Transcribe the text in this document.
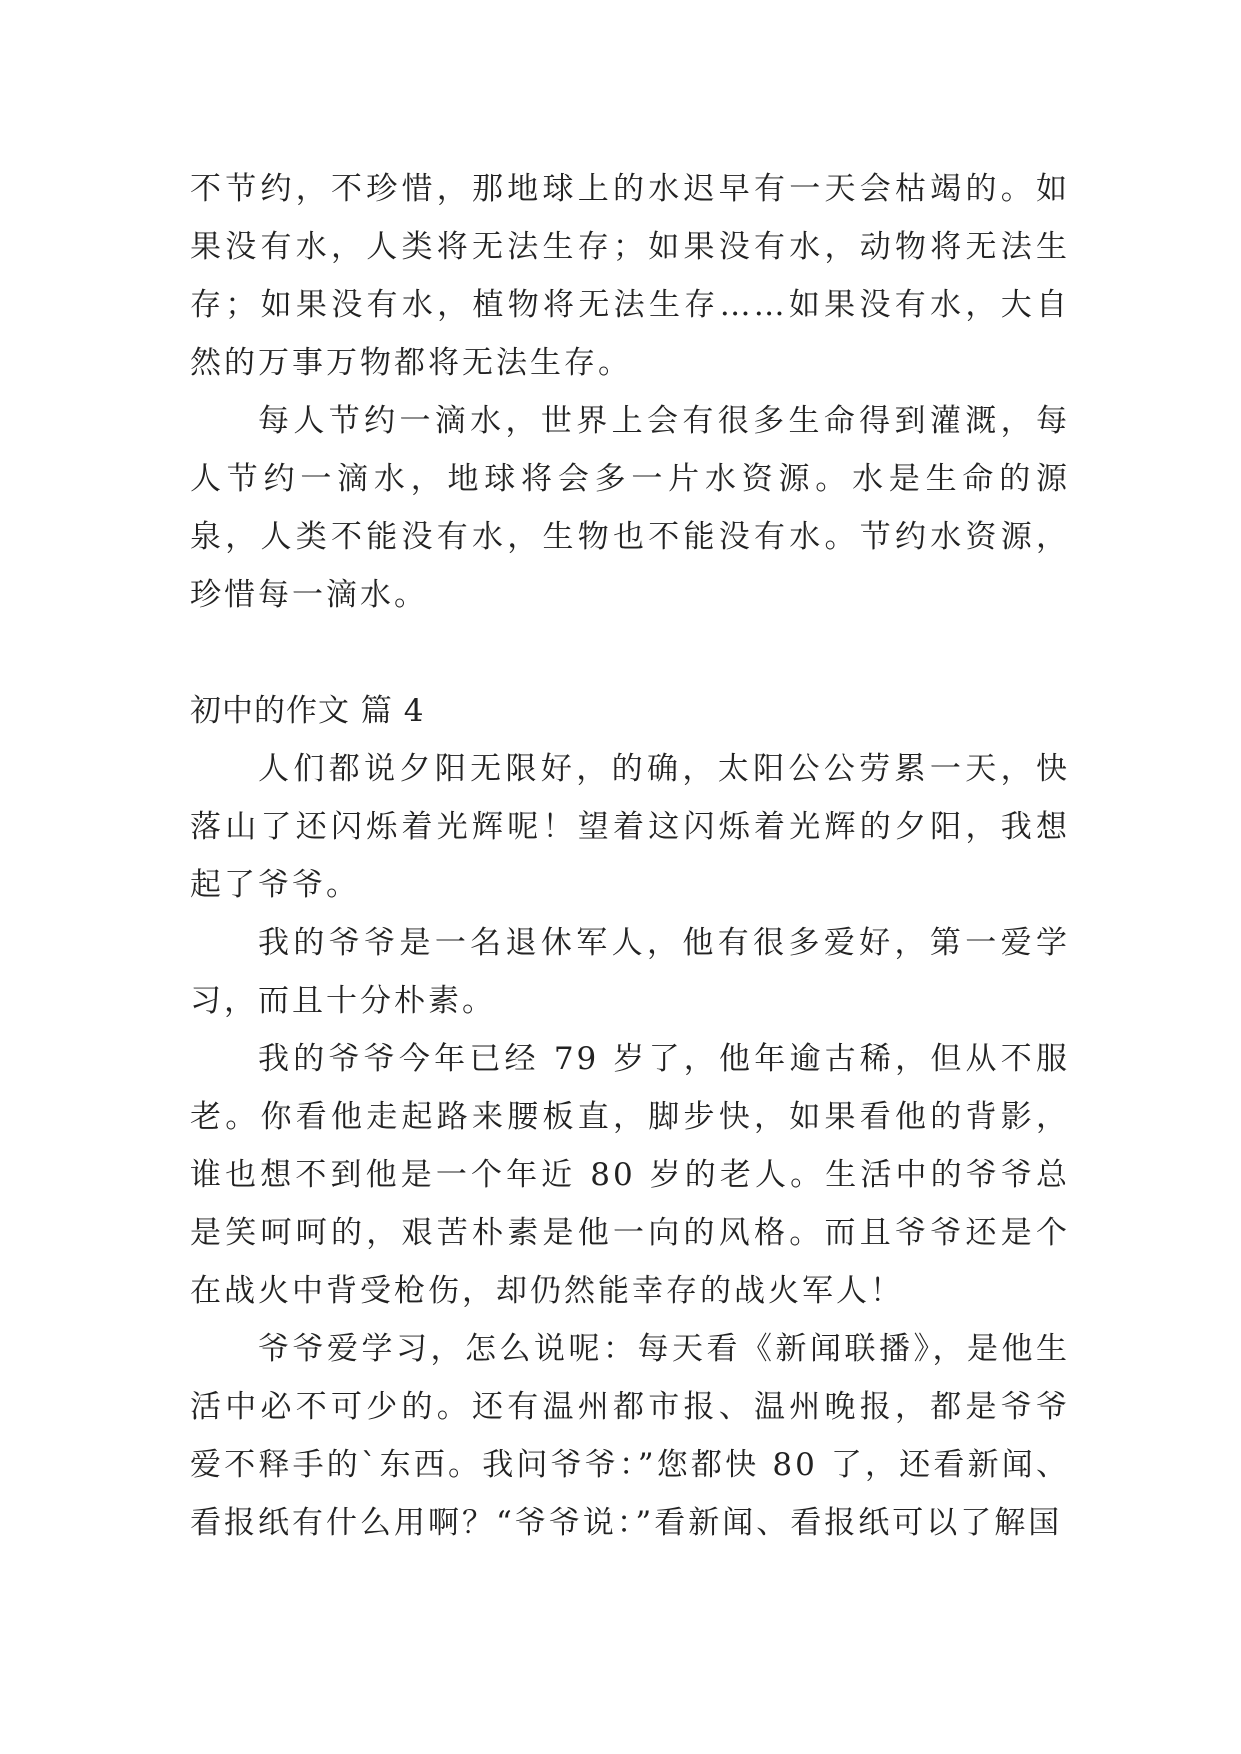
不节约，不珍惜，那地球上的水迟早有一天会枯竭的。如果没有水，人类将无法生存；如果没有水，动物将无法生存；如果没有水，植物将无法生存……如果没有水，大自然的万事万物都将无法生存。

每人节约一滴水，世界上会有很多生命得到灌溉，每人节约一滴水，地球将会多一片水资源。水是生命的源泉，人类不能没有水，生物也不能没有水。节约水资源，珍惜每一滴水。

初中的作文 篇 4

人们都说夕阳无限好，的确，太阳公公劳累一天，快落山了还闪烁着光辉呢！望着这闪烁着光辉的夕阳，我想起了爷爷。

我的爷爷是一名退休军人，他有很多爱好，第一爱学习，而且十分朴素。

我的爷爷今年已经 79 岁了，他年逾古稀，但从不服老。你看他走起路来腰板直，脚步快，如果看他的背影，谁也想不到他是一个年近 80 岁的老人。生活中的爷爷总是笑呵呵的，艰苦朴素是他一向的风格。而且爷爷还是个在战火中背受枪伤，却仍然能幸存的战火军人！

爷爷爱学习，怎么说呢：每天看《新闻联播》，是他生活中必不可少的。还有温州都市报、温州晚报，都是爷爷爱不释手的`东西。我问爷爷：”您都快 80 了，还看新闻、看报纸有什么用啊？“爷爷说：”看新闻、看报纸可以了解国
